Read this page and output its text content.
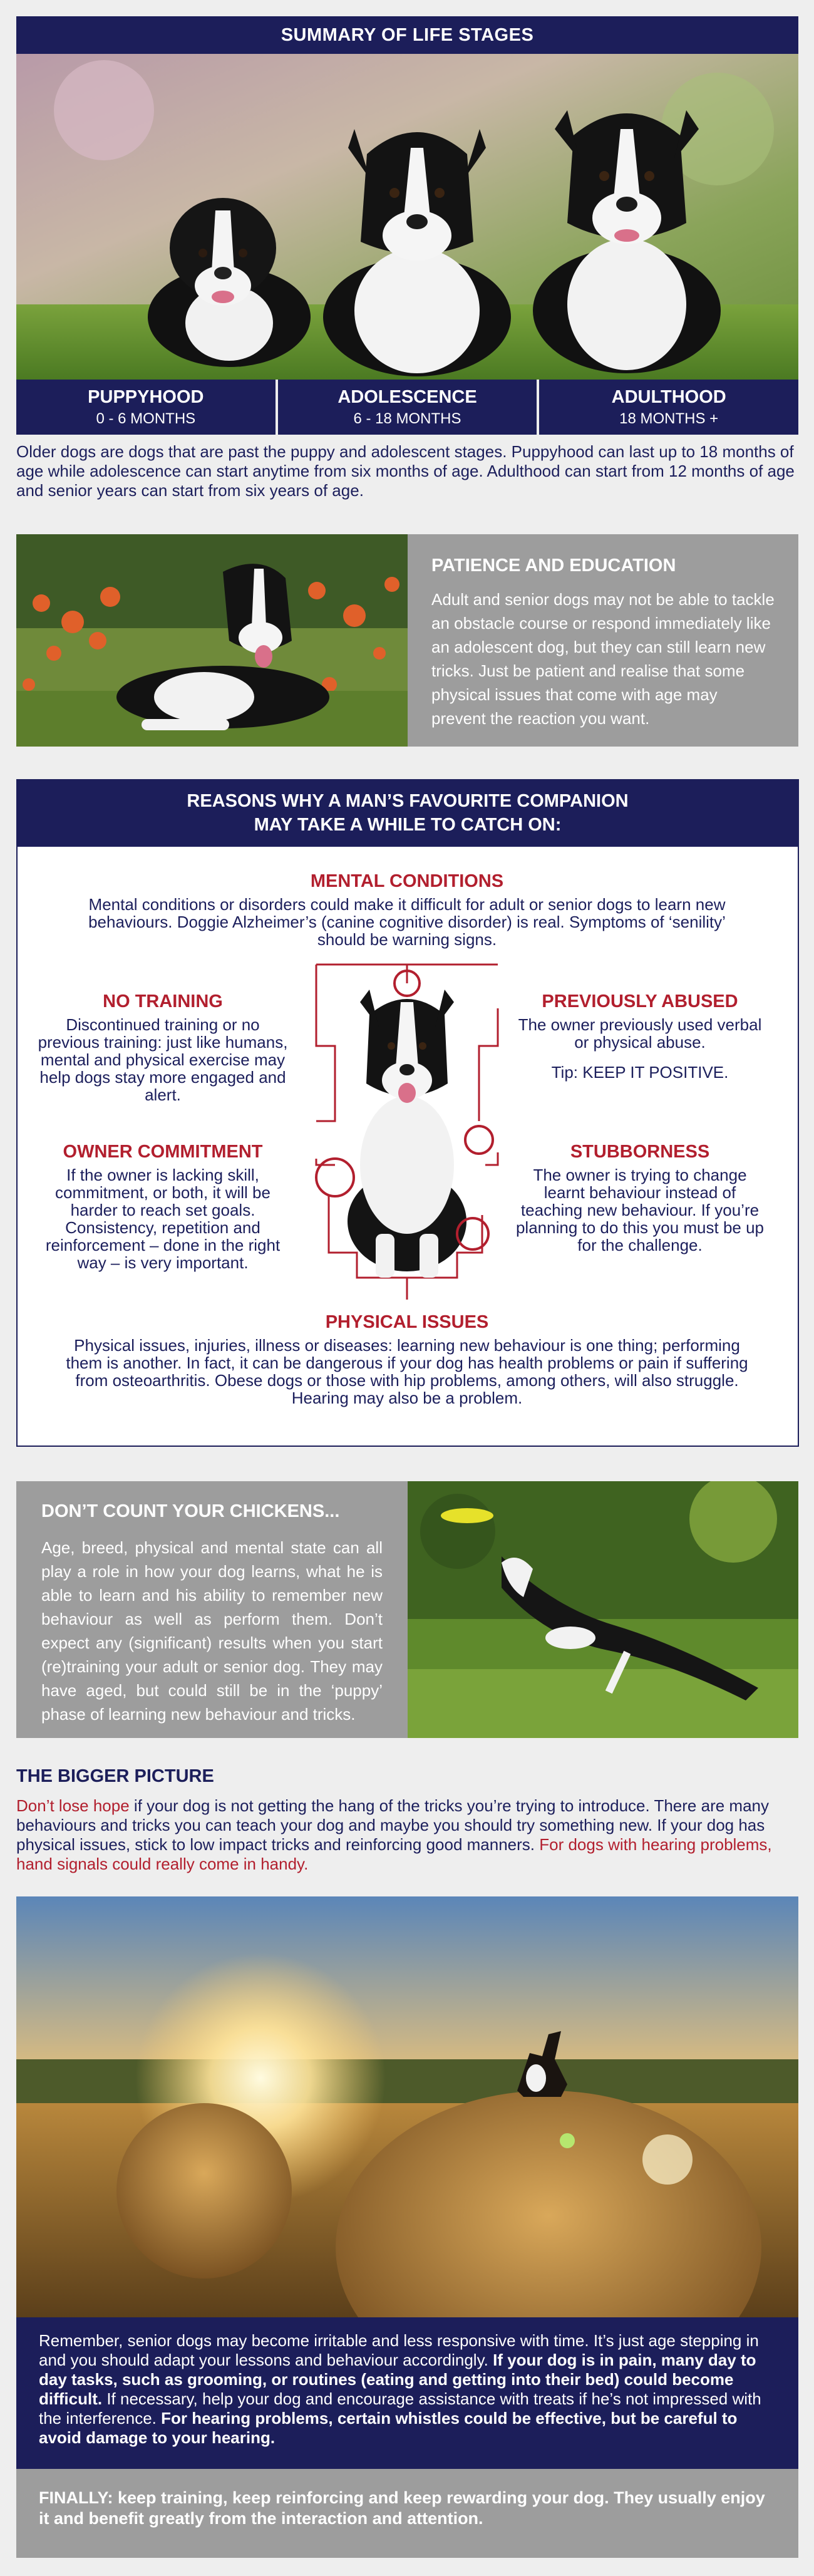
SUMMARY OF LIFE STAGES
PUPPYHOOD
0 - 6 MONTHS
ADOLESCENCE
6 - 18 MONTHS
ADULTHOOD
18 MONTHS +

Older dogs are dogs that are past the puppy and adolescent stages. Puppyhood can last up to 18 months of age while adolescence can start anytime from six months of age. Adulthood can start from 12 months of age and senior years can start from six years of age.

PATIENCE AND EDUCATION

Adult and senior dogs may not be able to tackle an obstacle course or respond immediately like an adolescent dog, but they can still learn new tricks. Just be patient and realise that some physical issues that come with age may prevent the reaction you want.

REASONS WHY A MAN’S FAVOURITE COMPANION
MAY TAKE A WHILE TO CATCH ON:
MENTAL CONDITIONS
Mental conditions or disorders could make it difficult for adult or senior dogs to learn new behaviours. Doggie Alzheimer’s (canine cognitive disorder) is real. Symptoms of ‘senility’ should be warning signs.
NO TRAINING
Discontinued training or no previous training: just like humans, mental and physical exercise may help dogs stay more engaged and alert.
PREVIOUSLY ABUSED
The owner previously used verbal or physical abuse.
Tip: KEEP IT POSITIVE.
OWNER COMMITMENT
If the owner is lacking skill, commitment, or both, it will be harder to reach set goals. Consistency, repetition and reinforcement – done in the right way – is very important.
STUBBORNESS
The owner is trying to change learnt behaviour instead of teaching new behaviour. If you’re planning to do this you must be up for the challenge.
PHYSICAL ISSUES
Physical issues, injuries, illness or diseases: learning new behaviour is one thing; performing them is another. In fact, it can be dangerous if your dog has health problems or pain if suffering from osteoarthritis. Obese dogs or those with hip problems, among others, will also struggle. Hearing may also be a problem.
DON’T COUNT YOUR CHICKENS...

Age, breed, physical and mental state can all play a role in how your dog learns, what he is able to learn and his ability to remember new behaviour as well as perform them. Don’t expect any (significant) results when you start (re)training your adult or senior dog. They may have aged, but could still be in the ‘puppy’ phase of learning new behaviour and tricks.

THE BIGGER PICTURE

Don’t lose hope if your dog is not getting the hang of the tricks you’re trying to introduce. There are many behaviours and tricks you can teach your dog and maybe you should try something new. If your dog has physical issues, stick to low impact tricks and reinforcing good manners. For dogs with hearing problems, hand signals could really come in handy.

Remember, senior dogs may become irritable and less responsive with time. It’s just age stepping in and you should adapt your lessons and behaviour accordingly. If your dog is in pain, many day to day tasks, such as grooming, or routines (eating and getting into their bed) could become difficult. If necessary, help your dog and encourage assistance with treats if he’s not impressed with the interference. For hearing problems, certain whistles could be effective, but be careful to avoid damage to your hearing.
FINALLY: keep training, keep reinforcing and keep rewarding your dog. They usually enjoy it and benefit greatly from the interaction and attention.
